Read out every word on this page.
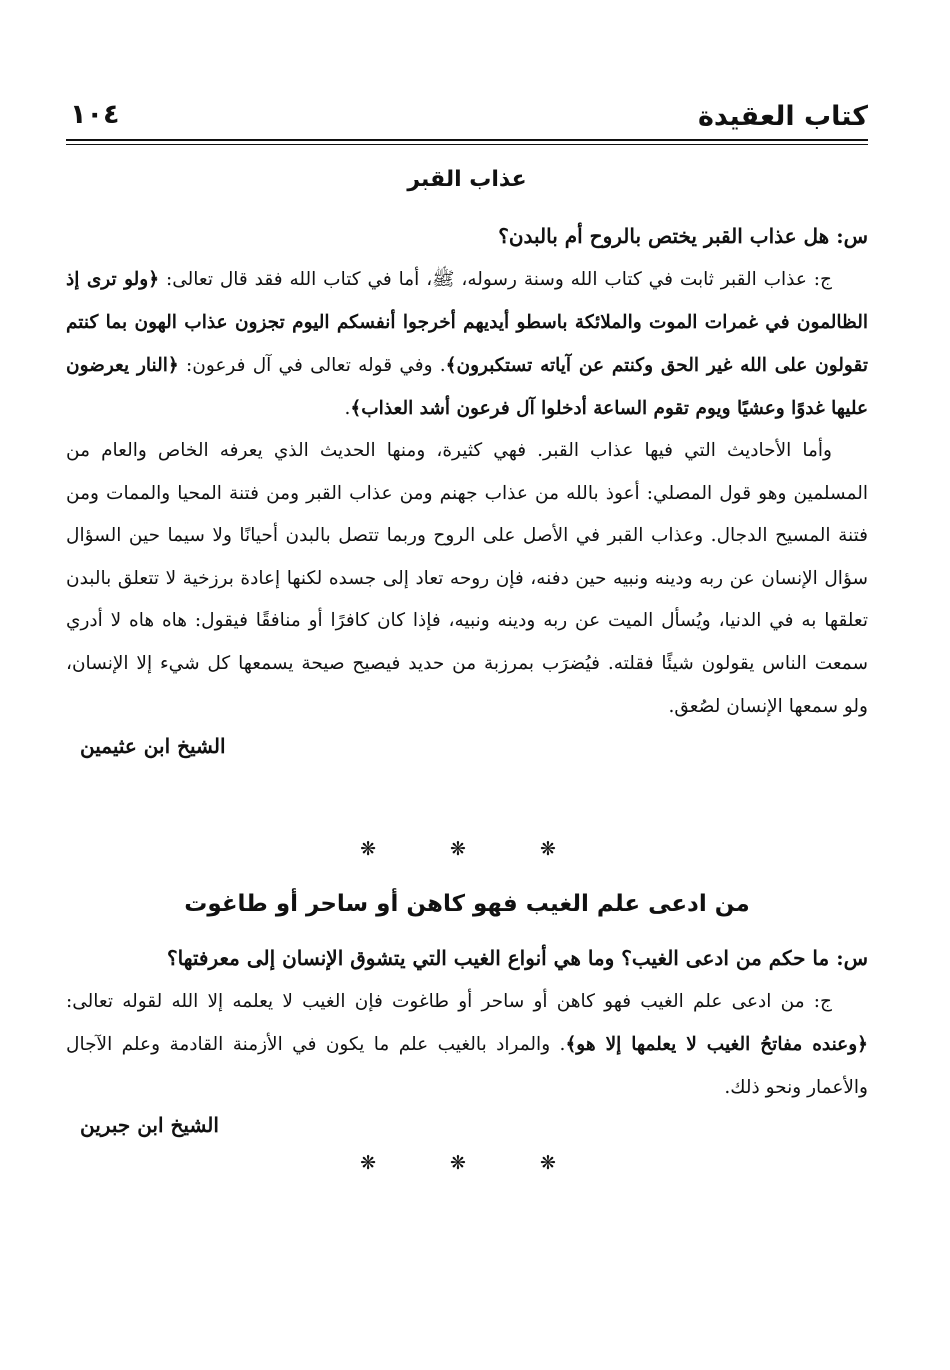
كتاب العقيدة
١٠٤
عذاب القبر

س: هل عذاب القبر يختص بالروح أم بالبدن؟

ج: عذاب القبر ثابت في كتاب الله وسنة رسوله، ﷺ، أما في كتاب الله فقد قال تعالى: ﴿ولو ترى إذ الظالمون في غمرات الموت والملائكة باسطو أيديهم أخرجوا أنفسكم اليوم تجزون عذاب الهون بما كنتم تقولون على الله غير الحق وكنتم عن آياته تستكبرون﴾. وفي قوله تعالى في آل فرعون: ﴿النار يعرضون عليها غدوًا وعشيًا ويوم تقوم الساعة أدخلوا آل فرعون أشد العذاب﴾.

وأما الأحاديث التي فيها عذاب القبر. فهي كثيرة، ومنها الحديث الذي يعرفه الخاص والعام من المسلمين وهو قول المصلي: أعوذ بالله من عذاب جهنم ومن عذاب القبر ومن فتنة المحيا والممات ومن فتنة المسيح الدجال. وعذاب القبر في الأصل على الروح وربما تتصل بالبدن أحيانًا ولا سيما حين السؤال سؤال الإنسان عن ربه ودينه ونبيه حين دفنه، فإن روحه تعاد إلى جسده لكنها إعادة برزخية لا تتعلق بالبدن تعلقها به في الدنيا، ويُسأل الميت عن ربه ودينه ونبيه، فإذا كان كافرًا أو منافقًا فيقول: هاه هاه لا أدري سمعت الناس يقولون شيئًا فقلته. فيُضرَب بمرزبة من حديد فيصيح صيحة يسمعها كل شيء إلا الإنسان، ولو سمعها الإنسان لصُعق.

الشيخ ابن عثيمين

❋ ❋ ❋
من ادعى علم الغيب فهو كاهن أو ساحر أو طاغوت

س: ما حكم من ادعى الغيب؟ وما هي أنواع الغيب التي يتشوق الإنسان إلى معرفتها؟

ج: من ادعى علم الغيب فهو كاهن أو ساحر أو طاغوت فإن الغيب لا يعلمه إلا الله لقوله تعالى: ﴿وعنده مفاتحُ الغيب لا يعلمها إلا هو﴾. والمراد بالغيب علم ما يكون في الأزمنة القادمة وعلم الآجال والأعمار ونحو ذلك.

الشيخ ابن جبرين

❋ ❋ ❋
